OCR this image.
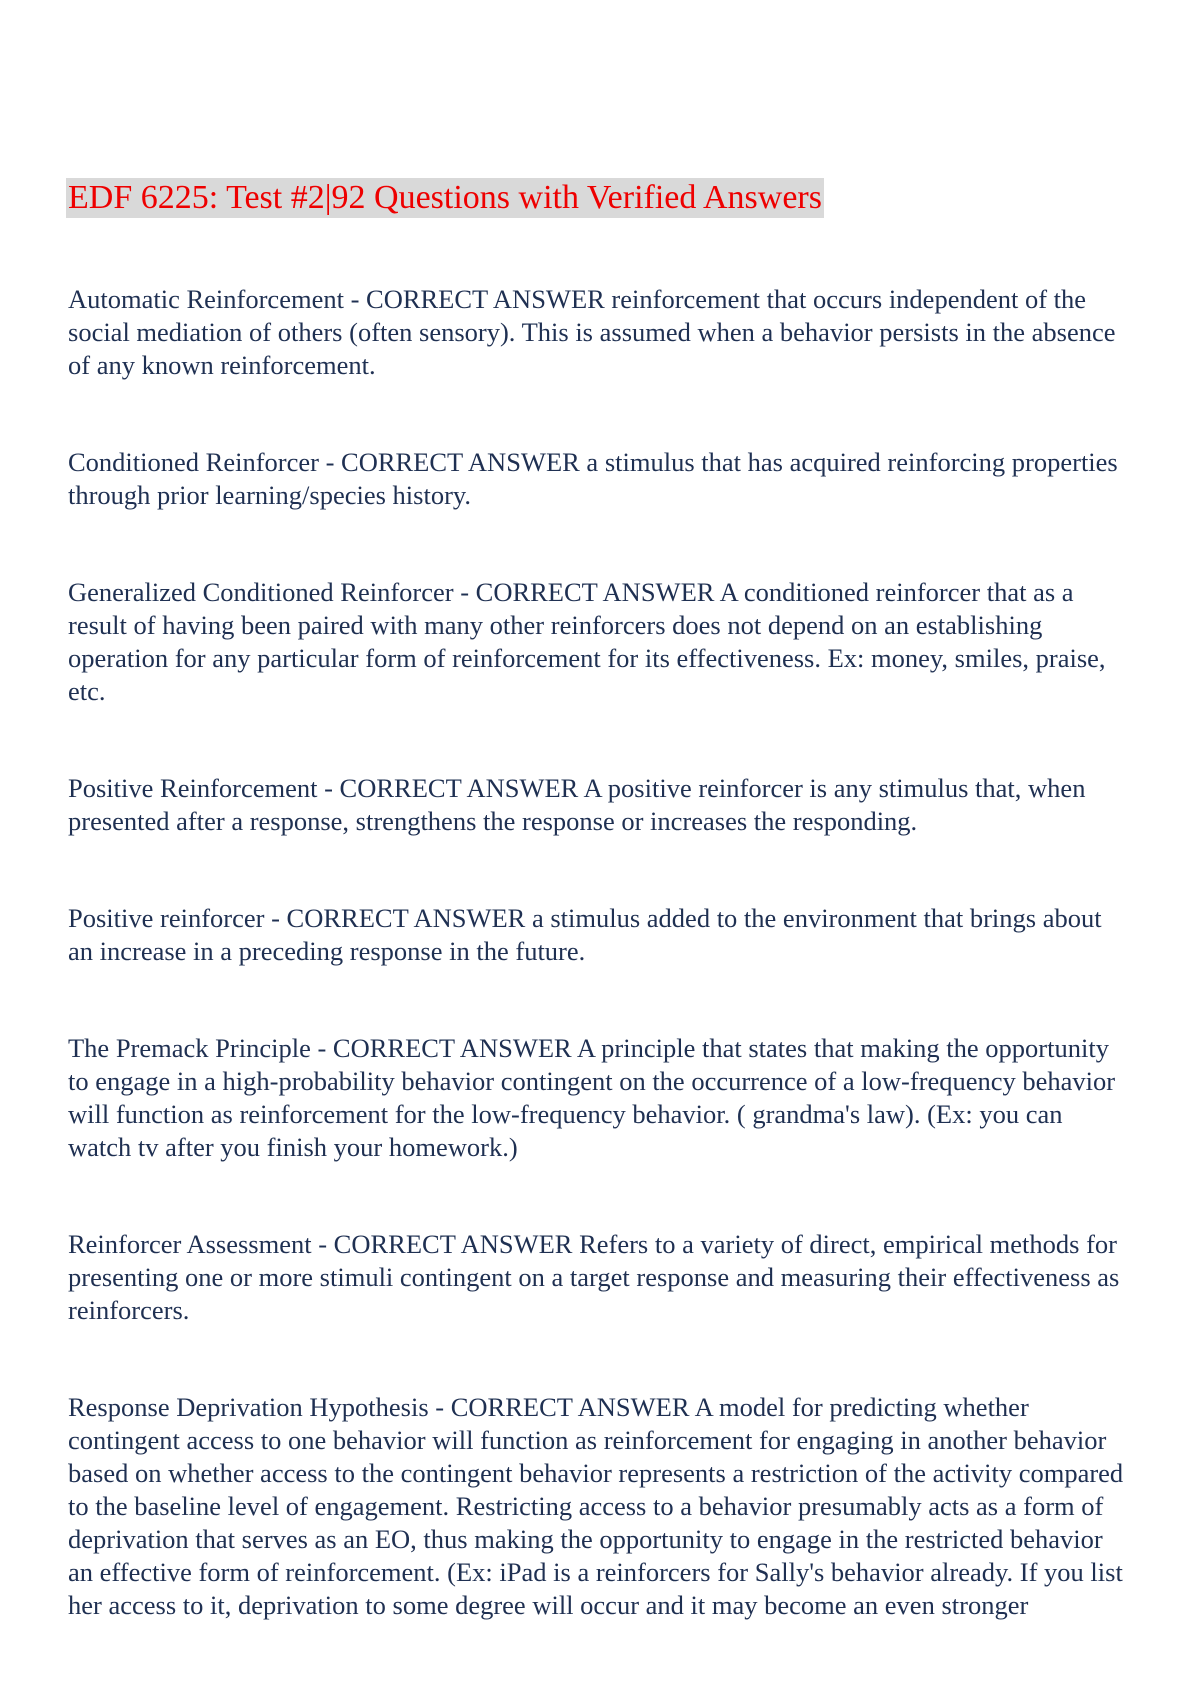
EDF 6225: Test #2|92 Questions with Verified Answers

Automatic Reinforcement - CORRECT ANSWER reinforcement that occurs independent of the social mediation of others (often sensory). This is assumed when a behavior persists in the absence of any known reinforcement.

Conditioned Reinforcer - CORRECT ANSWER a stimulus that has acquired reinforcing properties through prior learning/species history.

Generalized Conditioned Reinforcer - CORRECT ANSWER A conditioned reinforcer that as a result of having been paired with many other reinforcers does not depend on an establishing operation for any particular form of reinforcement for its effectiveness. Ex: money, smiles, praise, etc.

Positive Reinforcement - CORRECT ANSWER A positive reinforcer is any stimulus that, when presented after a response, strengthens the response or increases the responding.

Positive reinforcer - CORRECT ANSWER a stimulus added to the environment that brings about an increase in a preceding response in the future.

The Premack Principle - CORRECT ANSWER A principle that states that making the opportunity to engage in a high-probability behavior contingent on the occurrence of a low-frequency behavior will function as reinforcement for the low-frequency behavior. ( grandma's law). (Ex: you can watch tv after you finish your homework.)

Reinforcer Assessment - CORRECT ANSWER Refers to a variety of direct, empirical methods for presenting one or more stimuli contingent on a target response and measuring their effectiveness as reinforcers.

Response Deprivation Hypothesis - CORRECT ANSWER A model for predicting whether contingent access to one behavior will function as reinforcement for engaging in another behavior based on whether access to the contingent behavior represents a restriction of the activity compared to the baseline level of engagement. Restricting access to a behavior presumably acts as a form of deprivation that serves as an EO, thus making the opportunity to engage in the restricted behavior an effective form of reinforcement. (Ex: iPad is a reinforcers for Sally's behavior already. If you list her access to it, deprivation to some degree will occur and it may become an even stronger
